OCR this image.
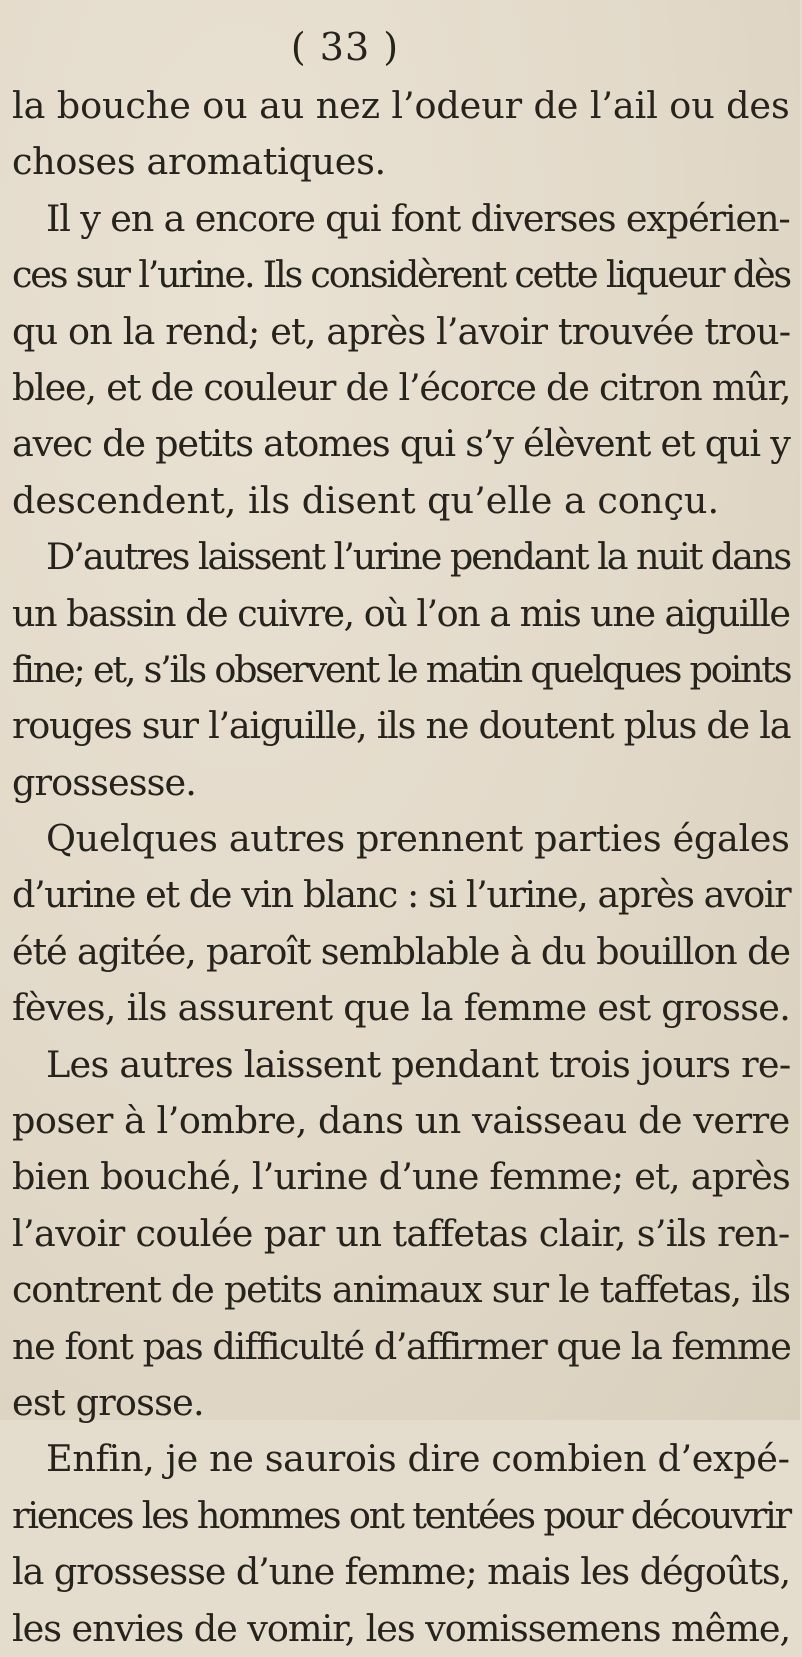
( 33 )
la bouche ou au nez l’odeur de l’ail ou des
choses aromatiques.
Il y en a encore qui font diverses expérien-
ces sur l’urine. Ils considèrent cette liqueur dès
qu on la rend; et, après l’avoir trouvée trou-
blee, et de couleur de l’écorce de citron mûr,
avec de petits atomes qui s’y élèvent et qui y
descendent, ils disent qu’elle a conçu.
D’autres laissent l’urine pendant la nuit dans
un bassin de cuivre, où l’on a mis une aiguille
fine; et, s’ils observent le matin quelques points
rouges sur l’aiguille, ils ne doutent plus de la
grossesse.
Quelques autres prennent parties égales
d’urine et de vin blanc : si l’urine, après avoir
été agitée, paroît semblable à du bouillon de
fèves, ils assurent que la femme est grosse.
Les autres laissent pendant trois jours re-
poser à l’ombre, dans un vaisseau de verre
bien bouché, l’urine d’une femme; et, après
l’avoir coulée par un taffetas clair, s’ils ren-
contrent de petits animaux sur le taffetas, ils
ne font pas difficulté d’affirmer que la femme
est grosse.
Enfin, je ne saurois dire combien d’expé-
riences les hommes ont tentées pour découvrir
la grossesse d’une femme; mais les dégoûts,
les envies de vomir, les vomissemens même,
